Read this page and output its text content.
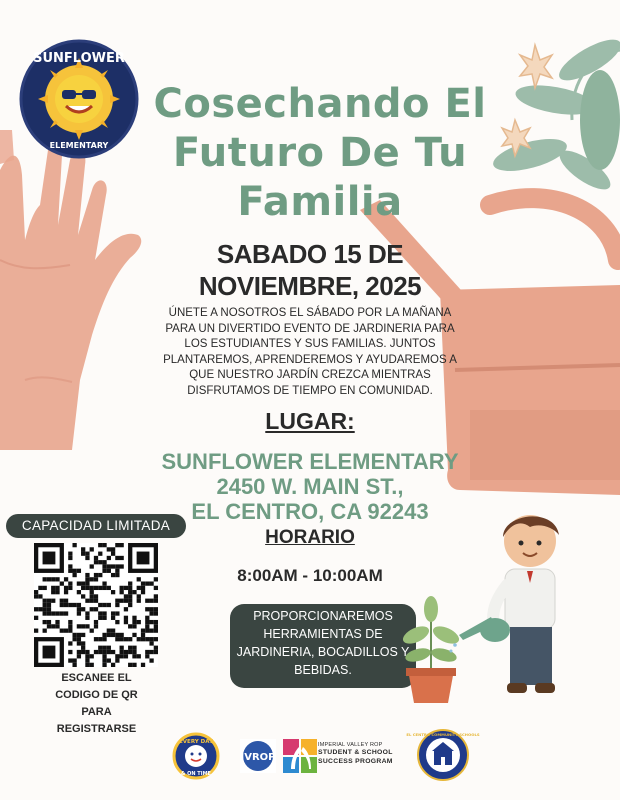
SUNFLOWER
ELEMENTARY
Cosechando El
Futuro De Tu
Familia
SABADO 15 DE
NOVIEMBRE, 2025
ÚNETE A NOSOTROS EL SÁBADO POR LA MAÑANA
PARA UN DIVERTIDO EVENTO DE JARDINERIA PARA
LOS ESTUDIANTES Y SUS FAMILIAS. JUNTOS
PLANTAREMOS, APRENDEREMOS Y AYUDAREMOS A
QUE NUESTRO JARDÍN CREZCA MIENTRAS
DISFRUTAMOS DE TIEMPO EN COMUNIDAD.
LUGAR:
SUNFLOWER ELEMENTARY
2450 W. MAIN ST.,
EL CENTRO, CA 92243
HORARIO
8:00AM - 10:00AM
CAPACIDAD LIMITADA
ESCANEE EL
CODIGO DE QR
PARA
REGISTRARSE
PROPORCIONAREMOS
HERRAMIENTAS DE
JARDINERIA, BOCADILLOS Y
BEBIDAS.
EVERY DAY
& ON TIME
IVROP
IMPERIAL VALLEY ROP
STUDENT & SCHOOL
SUCCESS PROGRAM
EL CENTRO COMMUNITY SCHOOLS
